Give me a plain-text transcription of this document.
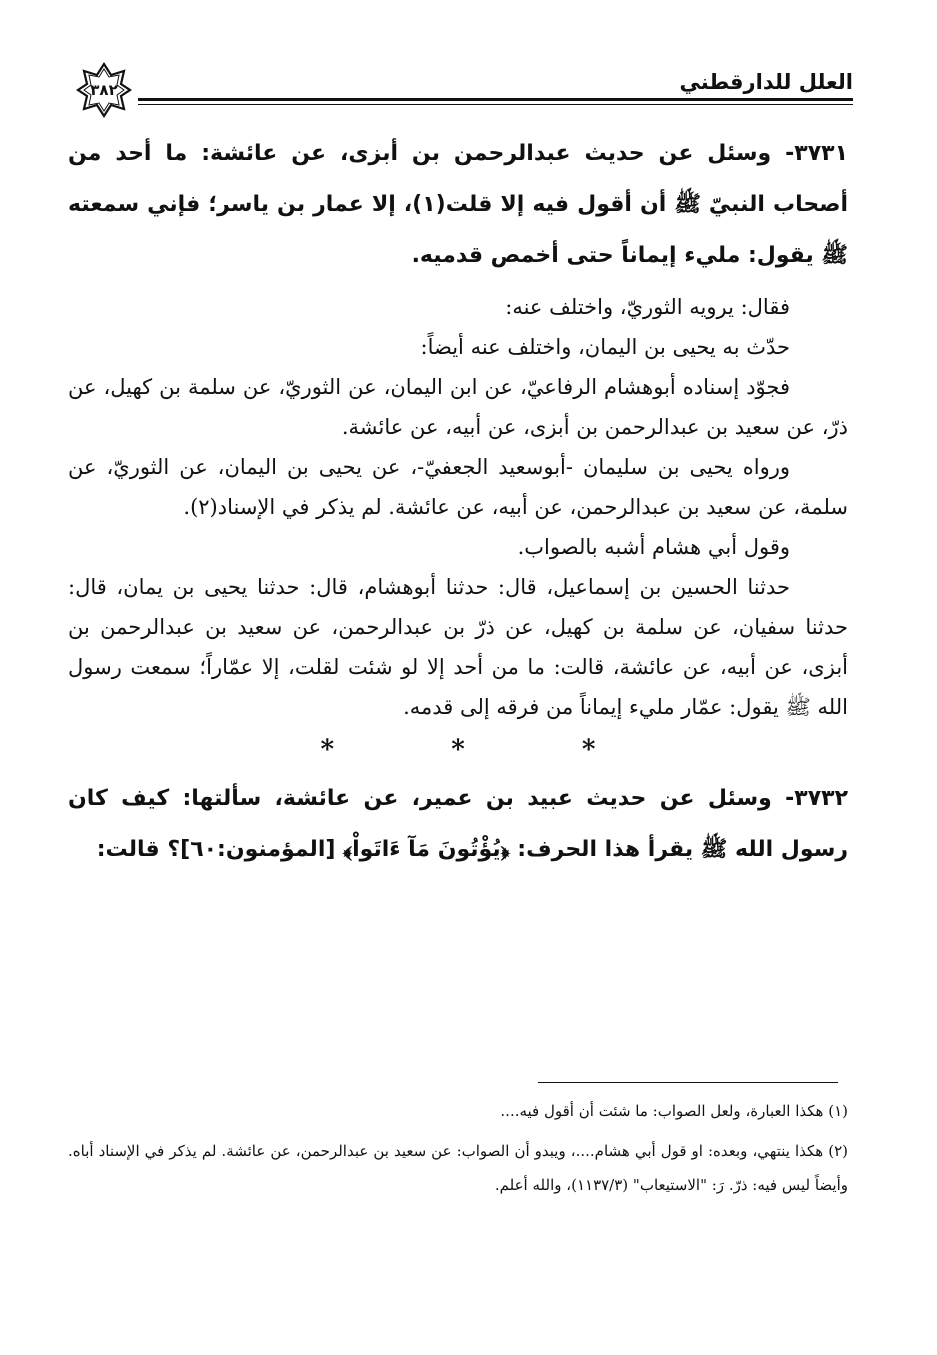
٣٨٢	العلل للدارقطني

٣٧٣١- وسئل عن حديث عبدالرحمن بن أبزى، عن عائشة: ما أحد من أصحاب النبيّ ﷺ أن أقول فيه إلا قلت(١)، إلا عمار بن ياسر؛ فإني سمعته ﷺ يقول: مليء إيماناً حتى أخمص قدميه.

فقال: يرويه الثوريّ، واختلف عنه:

حدّث به يحيى بن اليمان، واختلف عنه أيضاً:

فجوّد إسناده أبوهشام الرفاعيّ، عن ابن اليمان، عن الثوريّ، عن سلمة بن كهيل، عن ذرّ، عن سعيد بن عبدالرحمن بن أبزى، عن أبيه، عن عائشة.

ورواه يحيى بن سليمان -أبوسعيد الجعفيّ-، عن يحيى بن اليمان، عن الثوريّ، عن سلمة، عن سعيد بن عبدالرحمن، عن أبيه، عن عائشة. لم يذكر في الإسناد(٢).

وقول أبي هشام أشبه بالصواب.

حدثنا الحسين بن إسماعيل، قال: حدثنا أبوهشام، قال: حدثنا يحيى بن يمان، قال: حدثنا سفيان، عن سلمة بن كهيل، عن ذرّ بن عبدالرحمن، عن سعيد بن عبدالرحمن بن أبزى، عن أبيه، عن عائشة، قالت: ما من أحد إلا لو شئت لقلت، إلا عمّاراً؛ سمعت رسول الله ﷺ يقول: عمّار مليء إيماناً من فرقه إلى قدمه.

* * *

٣٧٣٢- وسئل عن حديث عبيد بن عمير، عن عائشة، سألتها: كيف كان رسول الله ﷺ يقرأ هذا الحرف: ﴿يُؤْتُونَ مَآ ءَاتَواْ﴾ [المؤمنون:٦٠]؟ قالت:

(١) هكذا العبارة، ولعل الصواب: ما شئت أن أقول فيه....

(٢) هكذا ينتهي، وبعده: او قول أبي هشام....، ويبدو أن الصواب: عن سعيد بن عبدالرحمن، عن عائشة. لم يذكر في الإسناد أباه. وأيضاً ليس فيه: ذرّ. رَ: "الاستيعاب" (١١٣٧/٣)، والله أعلم.
